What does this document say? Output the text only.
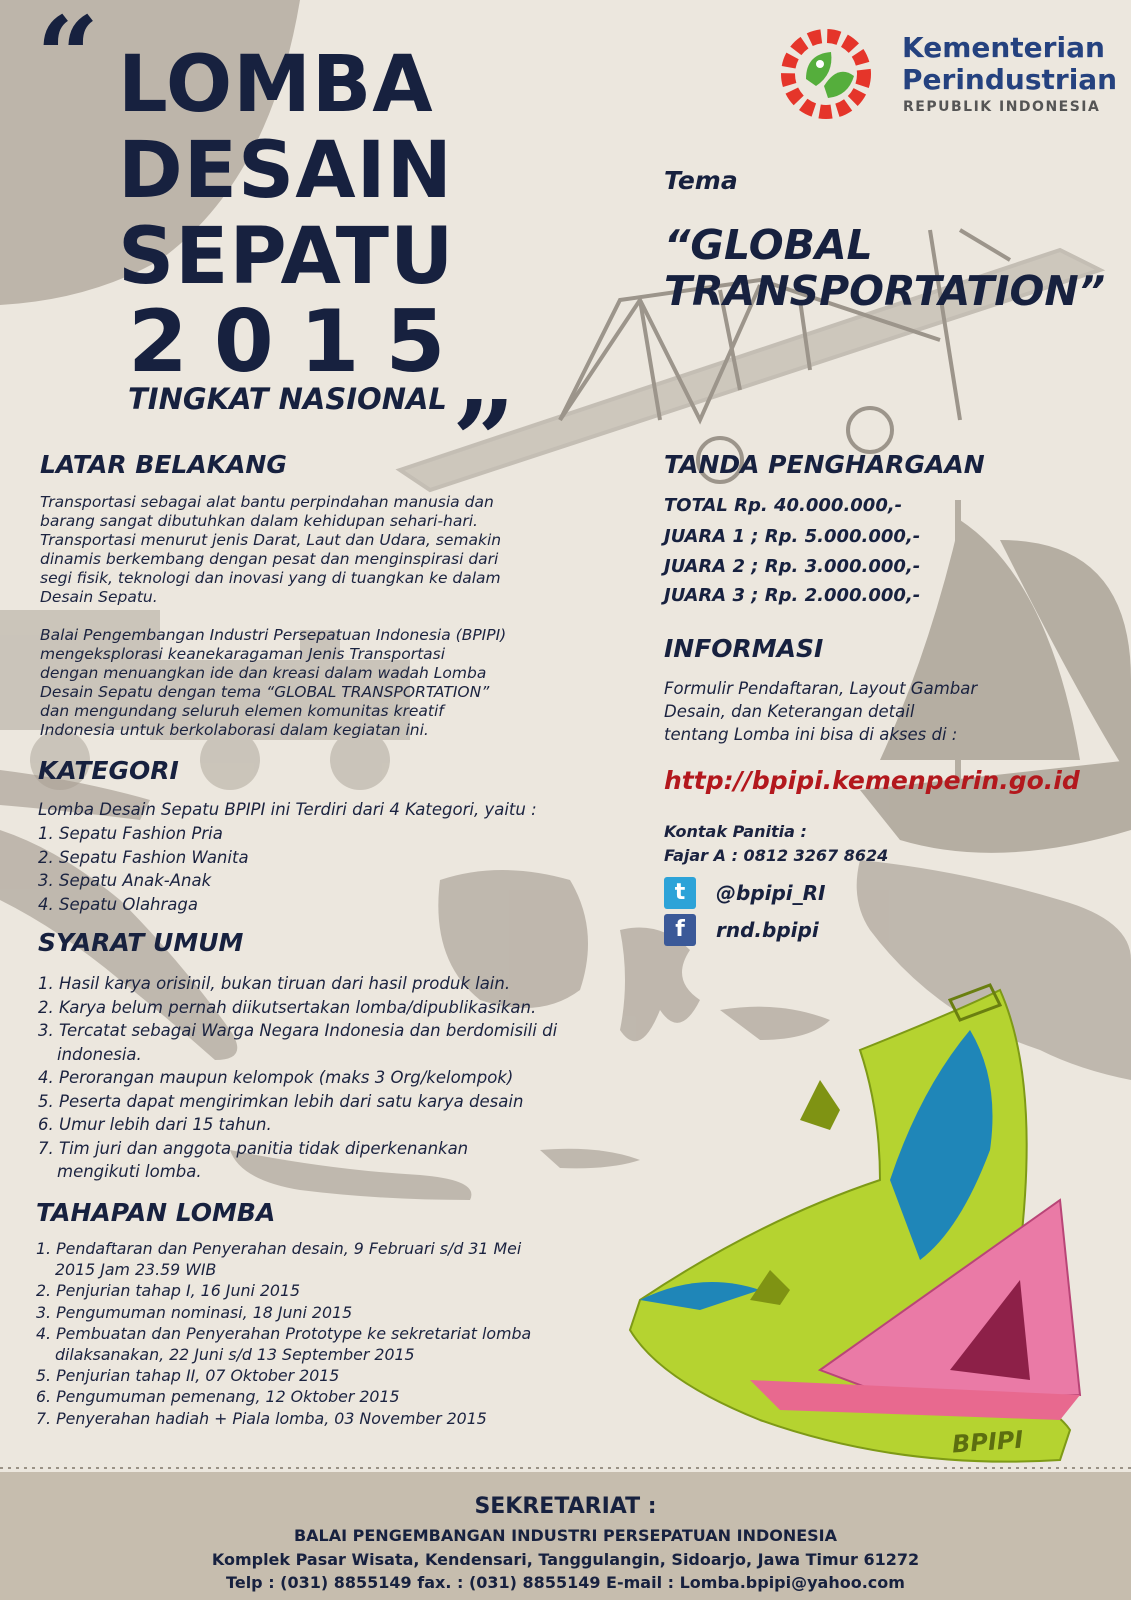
BPIPI
“ LOMBA
DESAIN
SEPATU
2015
TINGKAT NASIONAL ”
Kementerian
Perindustrian
REPUBLIK INDONESIA
Tema
“GLOBAL
TRANSPORTATION”
LATAR BELAKANG
Transportasi sebagai alat bantu perpindahan manusia dan
barang sangat dibutuhkan dalam kehidupan sehari-hari.
Transportasi menurut jenis Darat, Laut dan Udara, semakin
dinamis berkembang dengan pesat dan menginspirasi dari
segi fisik, teknologi dan inovasi yang di tuangkan ke dalam
Desain Sepatu.
Balai Pengembangan Industri Persepatuan Indonesia (BPIPI)
mengeksplorasi keanekaragaman Jenis Transportasi
dengan menuangkan ide dan kreasi dalam wadah Lomba
Desain Sepatu dengan tema “GLOBAL TRANSPORTATION”
dan mengundang seluruh elemen komunitas kreatif
Indonesia untuk berkolaborasi dalam kegiatan ini.
KATEGORI
Lomba Desain Sepatu BPIPI ini Terdiri dari 4 Kategori, yaitu :
1. Sepatu Fashion Pria
2. Sepatu Fashion Wanita
3. Sepatu Anak-Anak
4. Sepatu Olahraga
SYARAT UMUM
1. Hasil karya orisinil, bukan tiruan dari hasil produk lain.
2. Karya belum pernah diikutsertakan lomba/dipublikasikan.
3. Tercatat sebagai Warga Negara Indonesia dan berdomisili di indonesia.
4. Perorangan maupun kelompok (maks 3 Org/kelompok)
5. Peserta dapat mengirimkan lebih dari satu karya desain
6. Umur lebih dari 15 tahun.
7. Tim juri dan anggota panitia tidak diperkenankan mengikuti lomba.
TAHAPAN LOMBA
1. Pendaftaran dan Penyerahan desain, 9 Februari s/d 31 Mei 2015 Jam 23.59 WIB
2. Penjurian tahap I, 16 Juni 2015
3. Pengumuman nominasi, 18 Juni 2015
4. Pembuatan dan Penyerahan Prototype ke sekretariat lomba dilaksanakan, 22 Juni s/d 13 September 2015
5. Penjurian tahap II, 07 Oktober 2015
6. Pengumuman pemenang, 12 Oktober 2015
7. Penyerahan hadiah + Piala lomba, 03 November 2015
TANDA PENGHARGAAN
TOTAL Rp. 40.000.000,-
JUARA 1 ; Rp. 5.000.000,-
JUARA 2 ; Rp. 3.000.000,-
JUARA 3 ; Rp. 2.000.000,-
INFORMASI
Formulir Pendaftaran, Layout Gambar
Desain, dan Keterangan detail
tentang Lomba ini bisa di akses di :
http://bpipi.kemenperin.go.id
Kontak Panitia :
Fajar A : 0812 3267 8624
t	@bpipi_RI
f	rnd.bpipi
SEKRETARIAT :
BALAI PENGEMBANGAN INDUSTRI PERSEPATUAN INDONESIA
Komplek Pasar Wisata, Kendensari, Tanggulangin, Sidoarjo, Jawa Timur 61272
Telp : (031) 8855149 fax. : (031) 8855149 E-mail : Lomba.bpipi@yahoo.com
